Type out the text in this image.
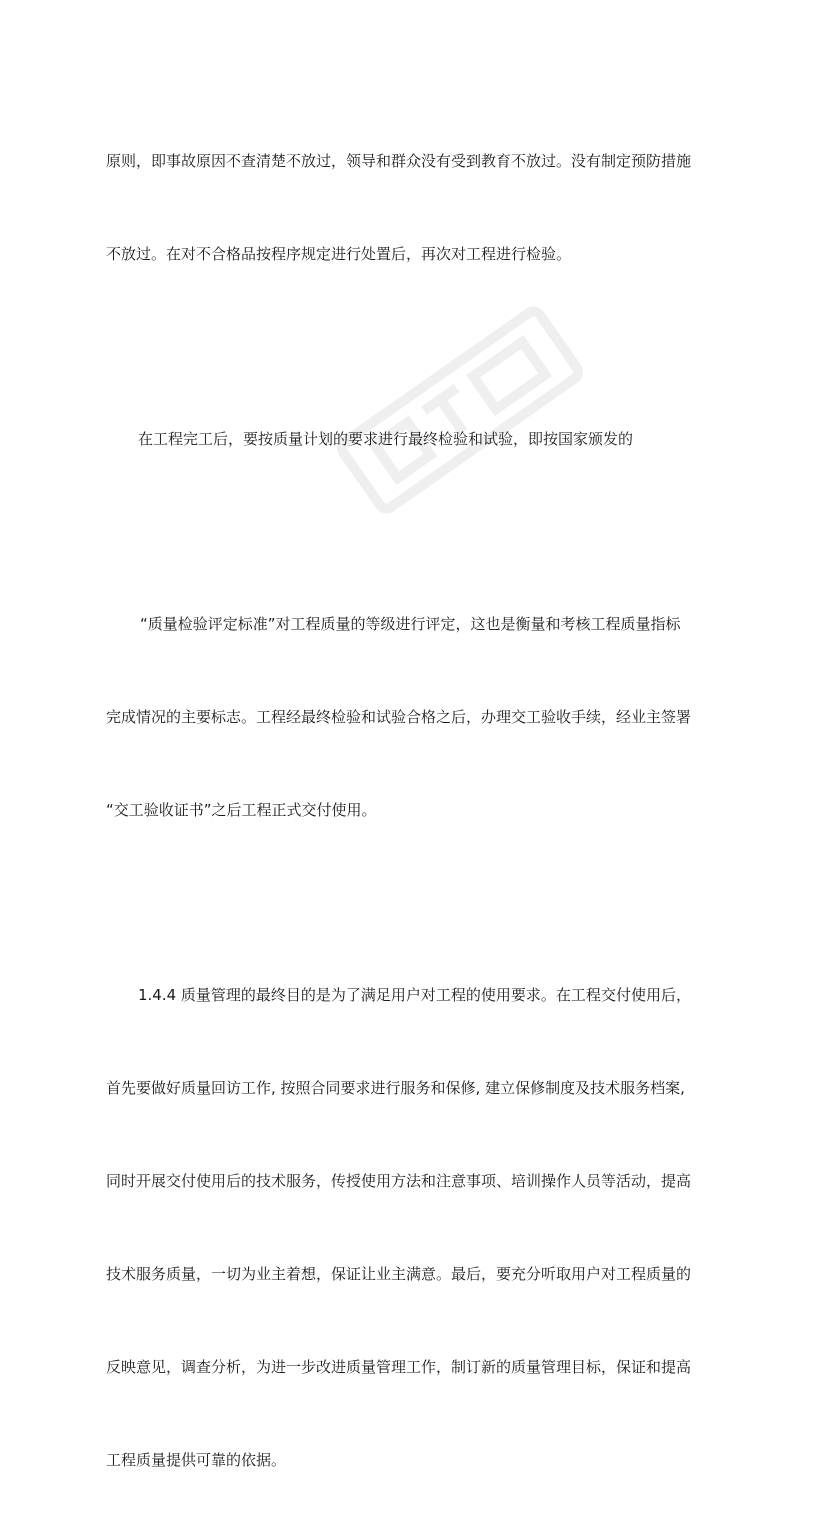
原则，即事故原因不查清楚不放过，领导和群众没有受到教育不放过。没有制定预防措施

不放过。在对不合格品按程序规定进行处置后，再次对工程进行检验。

在工程完工后，要按质量计划的要求进行最终检验和试验，即按国家颁发的

“质量检验评定标准”对工程质量的等级进行评定，这也是衡量和考核工程质量指标

完成情况的主要标志。工程经最终检验和试验合格之后，办理交工验收手续，经业主签署

“交工验收证书”之后工程正式交付使用。

1.4.4 质量管理的最终目的是为了满足用户对工程的使用要求。在工程交付使用后，

首先要做好质量回访工作, 按照合同要求进行服务和保修, 建立保修制度及技术服务档案,

同时开展交付使用后的技术服务，传授使用方法和注意事项、培训操作人员等活动，提高

技术服务质量，一切为业主着想，保证让业主满意。最后，要充分听取用户对工程质量的

反映意见，调查分析，为进一步改进质量管理工作，制订新的质量管理目标，保证和提高

工程质量提供可靠的依据。
